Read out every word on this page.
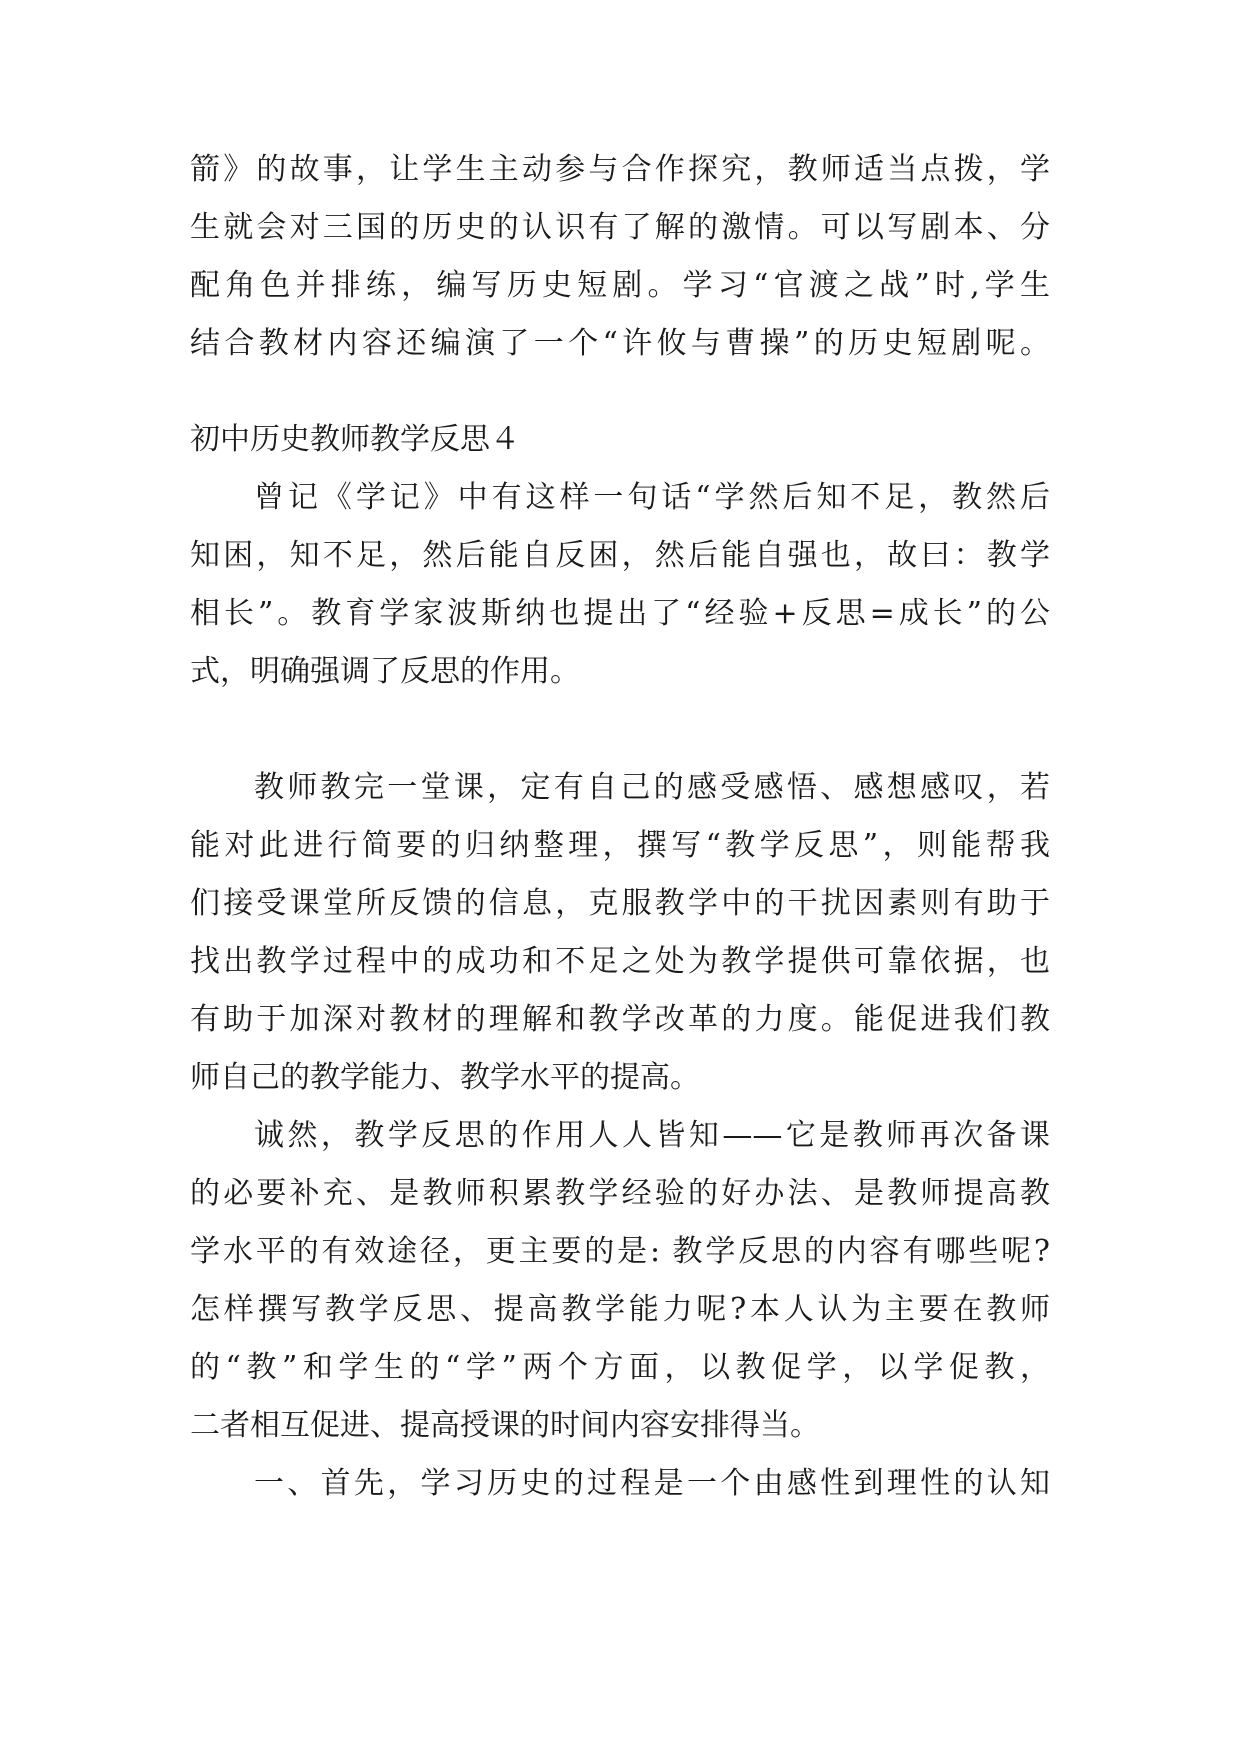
箭》的故事，让学生主动参与合作探究，教师适当点拨，学
生就会对三国的历史的认识有了解的激情。可以写剧本、分
配角色并排练，编写历史短剧。学习“官渡之战”时,学生
结合教材内容还编演了一个“许攸与曹操”的历史短剧呢。
初中历史教师教学反思４
曾记《学记》中有这样一句话“学然后知不足，教然后
知困，知不足，然后能自反困，然后能自强也，故曰：教学
相长”。教育学家波斯纳也提出了“经验+反思=成长”的公
式，明确强调了反思的作用。
教师教完一堂课，定有自己的感受感悟、感想感叹，若
能对此进行简要的归纳整理，撰写“教学反思”，则能帮我
们接受课堂所反馈的信息，克服教学中的干扰因素则有助于
找出教学过程中的成功和不足之处为教学提供可靠依据，也
有助于加深对教材的理解和教学改革的力度。能促进我们教
师自己的教学能力、教学水平的提高。
诚然，教学反思的作用人人皆知——它是教师再次备课
的必要补充、是教师积累教学经验的好办法、是教师提高教
学水平的有效途径，更主要的是: 教学反思的内容有哪些呢?
怎样撰写教学反思、提高教学能力呢?本人认为主要在教师
的“教”和学生的“学”两个方面，以教促学，以学促教，
二者相互促进、提高授课的时间内容安排得当。
一、首先，学习历史的过程是一个由感性到理性的认知
